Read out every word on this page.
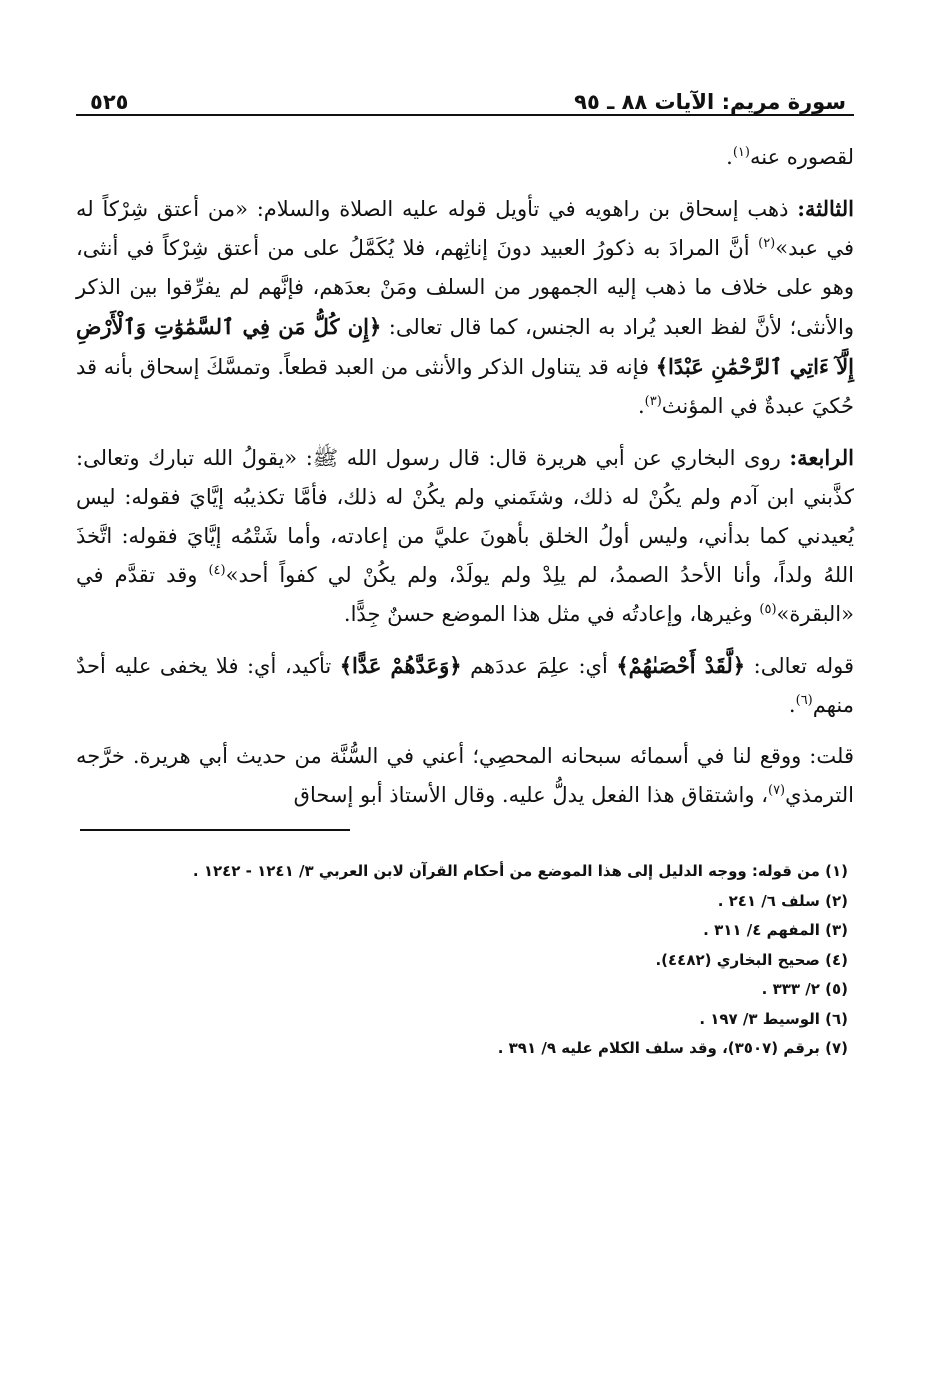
سورة مريم: الآيات ٨٨ ـ ٩٥
٥٢٥

لقصوره عنه$^{(١)}$.

الثالثة: ذهب إسحاق بن راهويه في تأويل قوله عليه الصلاة والسلام: «من أعتق شِرْكاً له في عبد»$^{(٢)}$ أنَّ المرادَ به ذكورُ العبيد دونَ إناثِهم، فلا يُكَمَّلُ على من أعتق شِرْكاً في أنثى، وهو على خلاف ما ذهب إليه الجمهور من السلف ومَنْ بعدَهم، فإنَّهم لم يفرِّقوا بين الذكر والأنثى؛ لأنَّ لفظ العبد يُراد به الجنس، كما قال تعالى: ﴿إِن كُلُّ مَن فِي ٱلسَّمَٰوَٰتِ وَٱلْأَرْضِ إِلَّآ ءَاتِي ٱلرَّحْمَٰنِ عَبْدًا﴾ فإنه قد يتناول الذكر والأنثى من العبد قطعاً. وتمسَّكَ إسحاق بأنه قد حُكيَ عبدةٌ في المؤنث$^{(٣)}$.

الرابعة: روى البخاري عن أبي هريرة قال: قال رسول الله ﷺ: «يقولُ الله تبارك وتعالى: كذَّبني ابن آدم ولم يكُنْ له ذلك، وشتَمني ولم يكُنْ له ذلك، فأمَّا تكذيبُه إيَّايَ فقوله: ليس يُعيدني كما بدأني، وليس أولُ الخلق بأهونَ عليَّ من إعادته، وأما شَتْمُه إيَّايَ فقوله: اتَّخذَ اللهُ ولداً، وأنا الأحدُ الصمدُ، لم يلِدْ ولم يولَدْ، ولم يكُنْ لي كفواً أحد»$^{(٤)}$ وقد تقدَّم في «البقرة»$^{(٥)}$ وغيرها، وإعادتُه في مثل هذا الموضع حسنٌ جِدًّا.

قوله تعالى: ﴿لَّقَدْ أَحْصَىٰهُمْ﴾ أي: علِمَ عددَهم ﴿وَعَدَّهُمْ عَدًّا﴾ تأكيد، أي: فلا يخفى عليه أحدٌ منهم$^{(٦)}$.

قلت: ووقع لنا في أسمائه سبحانه المحصِي؛ أعني في السُّنَّة من حديث أبي هريرة. خرَّجه الترمذي$^{(٧)}$، واشتقاق هذا الفعل يدلُّ عليه. وقال الأستاذ أبو إسحاق

(١) من قوله: ووجه الدليل إلى هذا الموضع من أحكام القرآن لابن العربي ٣/ ١٢٤١ - ١٢٤٢ .
(٢) سلف ٦/ ٢٤١ .
(٣) المفهم ٤/ ٣١١ .
(٤) صحيح البخاري (٤٤٨٢).
(٥) ٢/ ٣٣٣ .
(٦) الوسيط ٣/ ١٩٧ .
(٧) برقم (٣٥٠٧)، وقد سلف الكلام عليه ٩/ ٣٩١ .
